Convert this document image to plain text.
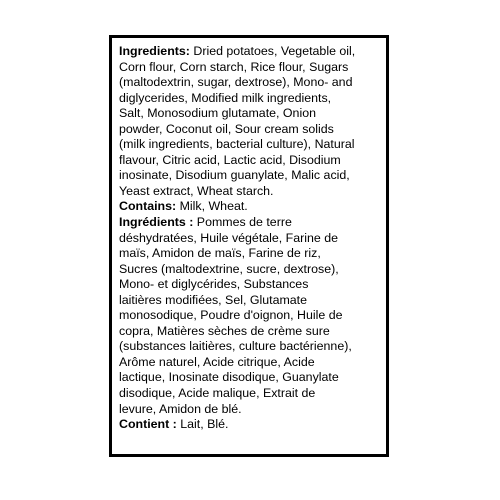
Ingredients: Dried potatoes, Vegetable oil,
Corn flour, Corn starch, Rice flour, Sugars
(maltodextrin, sugar, dextrose), Mono- and
diglycerides, Modified milk ingredients,
Salt, Monosodium glutamate, Onion
powder, Coconut oil, Sour cream solids
(milk ingredients, bacterial culture), Natural
flavour, Citric acid, Lactic acid, Disodium
inosinate, Disodium guanylate, Malic acid,
Yeast extract, Wheat starch.

Contains: Milk, Wheat.

Ingrédients : Pommes de terre
déshydratées, Huile végétale, Farine de
maïs, Amidon de maïs, Farine de riz,
Sucres (maltodextrine, sucre, dextrose),
Mono- et diglycérides, Substances
laitières modifiées, Sel, Glutamate
monosodique, Poudre d'oignon, Huile de
copra, Matières sèches de crème sure
(substances laitières, culture bactérienne),
Arôme naturel, Acide citrique, Acide
lactique, Inosinate disodique, Guanylate
disodique, Acide malique, Extrait de
levure, Amidon de blé.

Contient : Lait, Blé.
